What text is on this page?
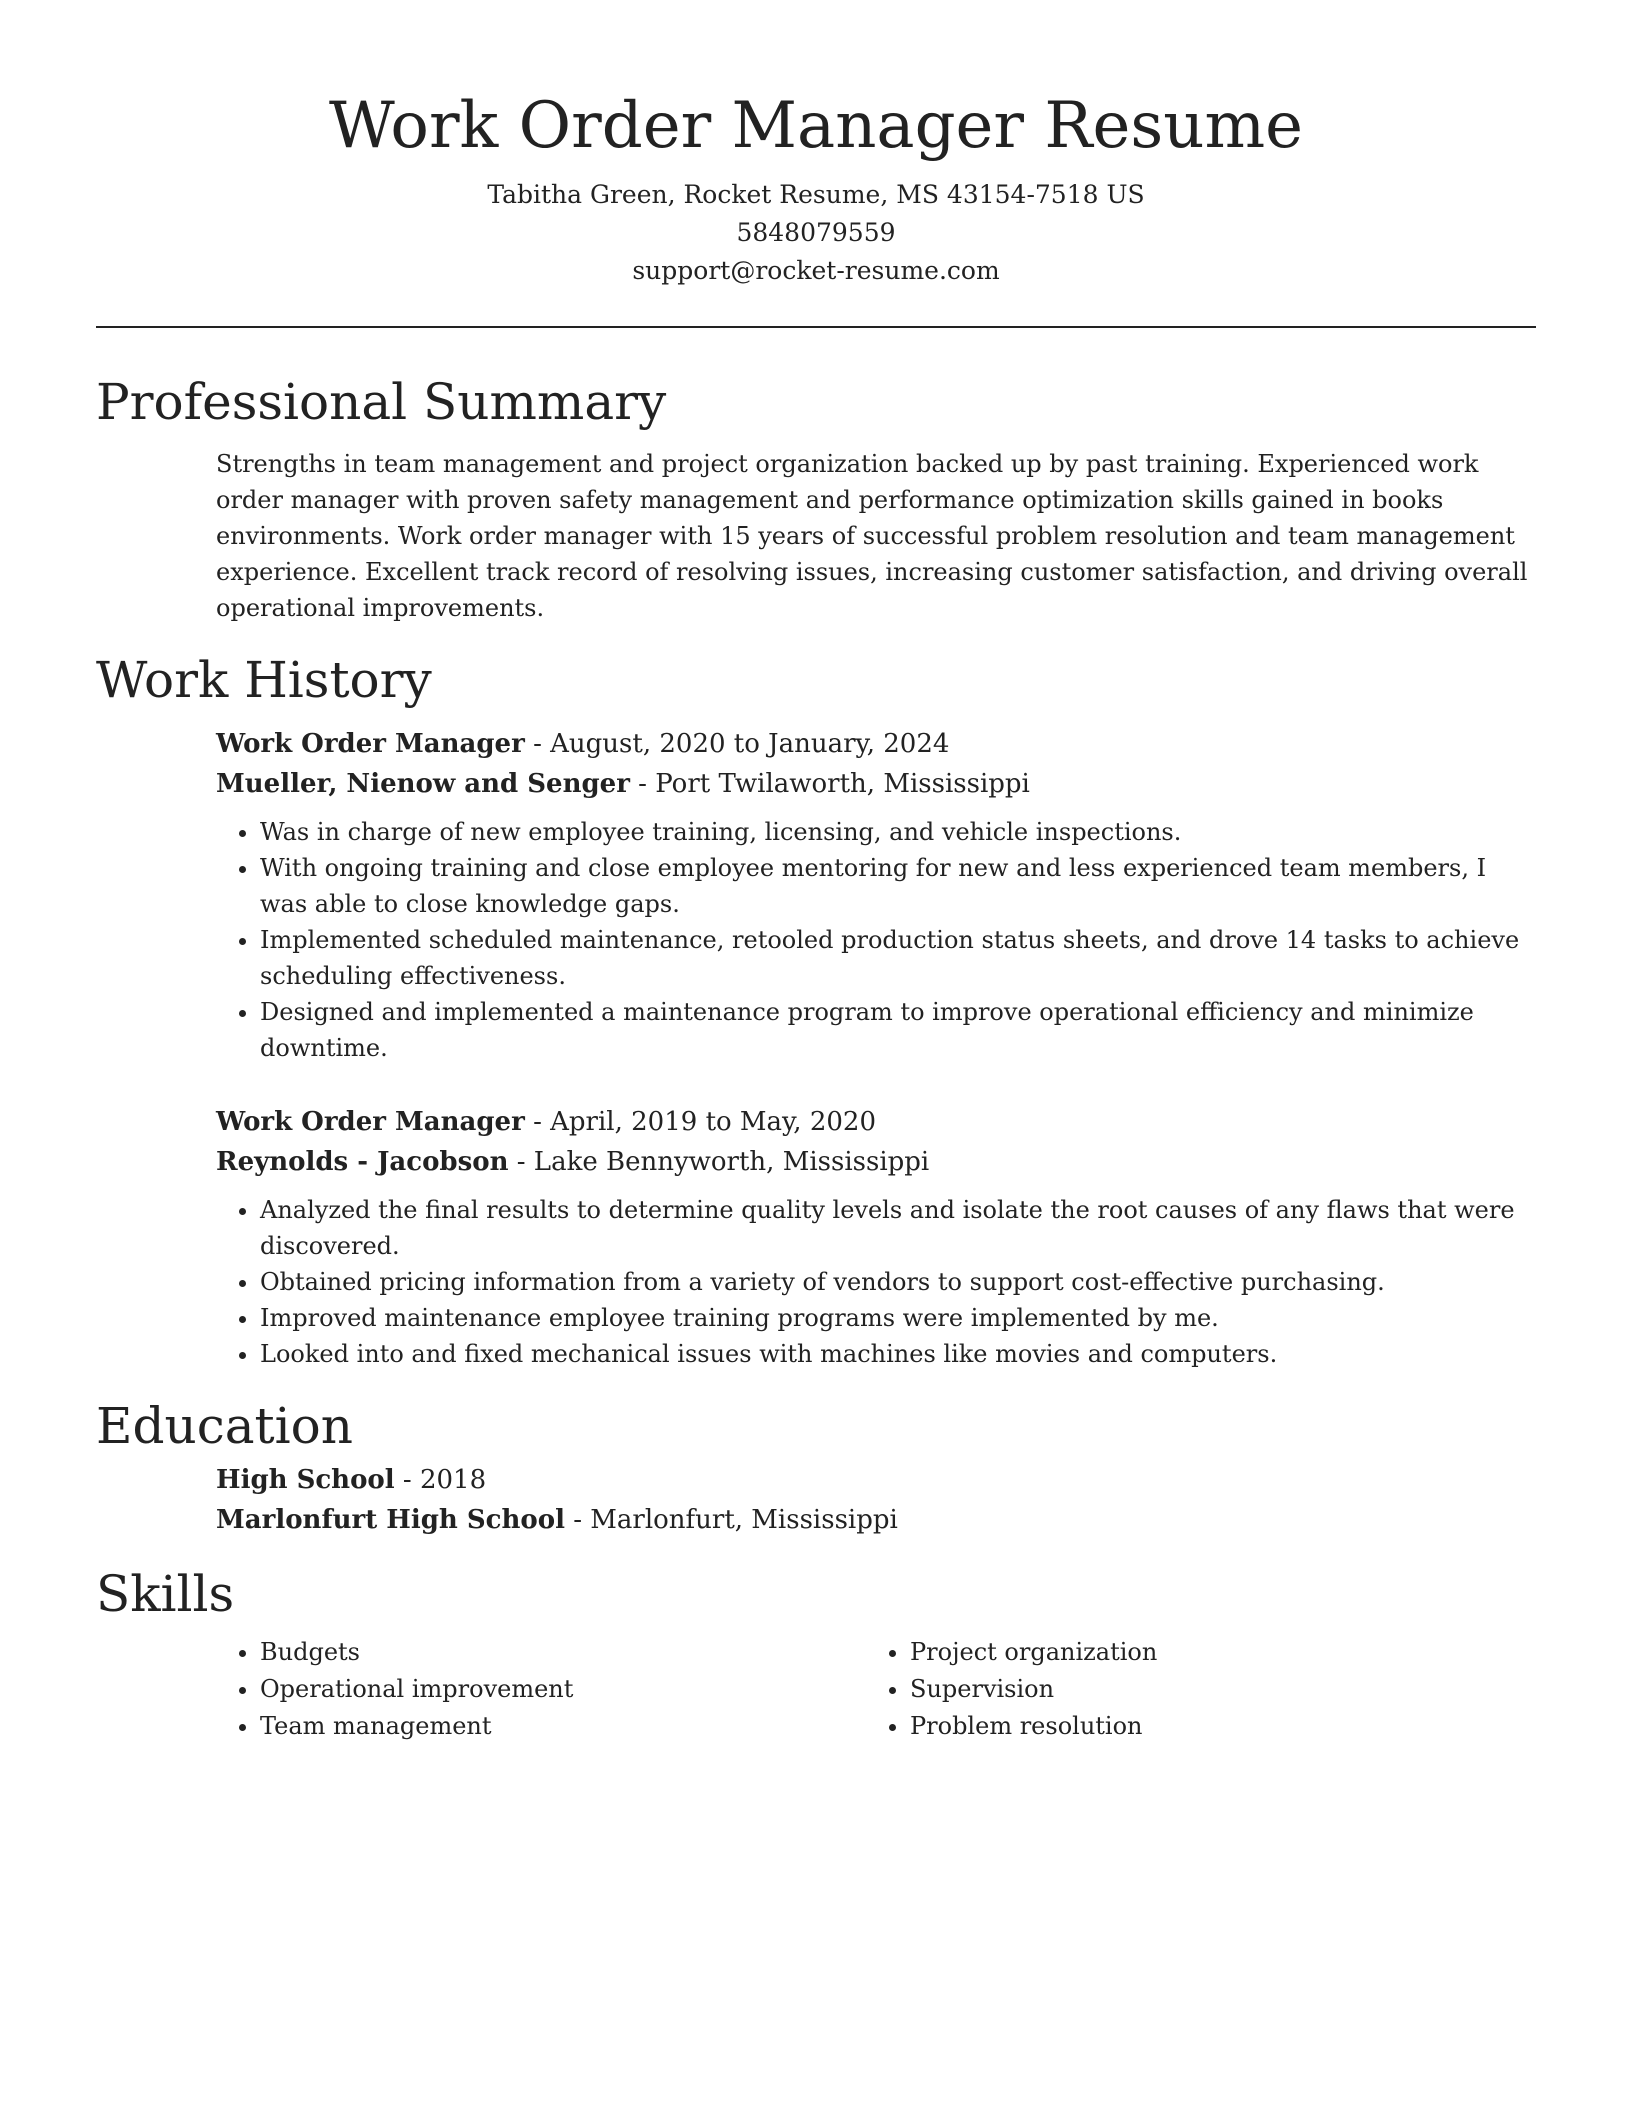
Work Order Manager Resume
Tabitha Green, Rocket Resume, MS 43154-7518 US
5848079559
support@rocket-resume.com
Professional Summary

Strengths in team management and project organization backed up by past training. Experienced work order manager with proven safety management and performance optimization skills gained in books environments. Work order manager with 15 years of successful problem resolution and team management experience. Excellent track record of resolving issues, increasing customer satisfaction, and driving overall operational improvements.

Work History
Work Order Manager - August, 2020 to January, 2024
Mueller, Nienow and Senger - Port Twilaworth, Mississippi
• Was in charge of new employee training, licensing, and vehicle inspections.
• With ongoing training and close employee mentoring for new and less experienced team members, I was able to close knowledge gaps.
• Implemented scheduled maintenance, retooled production status sheets, and drove 14 tasks to achieve scheduling effectiveness.
• Designed and implemented a maintenance program to improve operational efficiency and minimize downtime.
Work Order Manager - April, 2019 to May, 2020
Reynolds - Jacobson - Lake Bennyworth, Mississippi
• Analyzed the final results to determine quality levels and isolate the root causes of any flaws that were discovered.
• Obtained pricing information from a variety of vendors to support cost-effective purchasing.
• Improved maintenance employee training programs were implemented by me.
• Looked into and fixed mechanical issues with machines like movies and computers.
Education
High School - 2018
Marlonfurt High School - Marlonfurt, Mississippi
Skills
• Budgets
• Operational improvement
• Team management
• Project organization
• Supervision
• Problem resolution
